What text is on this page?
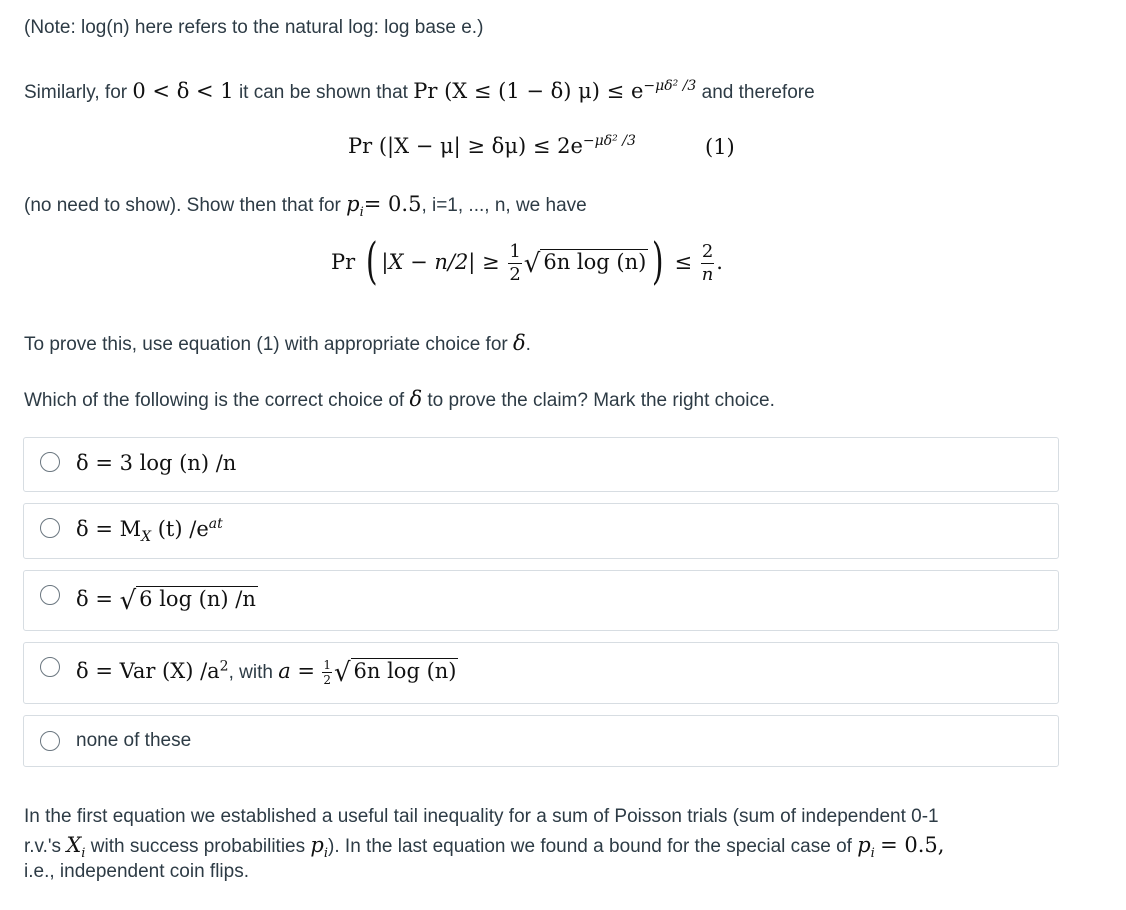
(Note: log(n) here refers to the natural log: log base e.)
Similarly, for 0 < δ < 1 it can be shown that Pr (X ≤ (1 − δ) $\mu) \le e^{-\mu\delta^2 /3}$ and therefore
Pr $(|X - \mu| \ge \delta\mu) \le 2e^{-\mu\delta^2 /3}$	(1)
(no need to show). Show then that for $p_i= 0.5$, i=1, ..., n, we have
Pr ( $|X - n/2| \ge \frac{1}{2}$ √ 6n log (n) ) ≤ $\frac{2}{n}$ .
To prove this, use equation (1) with appropriate choice for δ.
Which of the following is the correct choice of δ to prove the claim? Mark the right choice.
δ = 3 log (n) /n
$\delta = M_X$ (t) $/e^{at}$
δ = √ 6 log (n) /n
δ = Var (X) $/a^2$, with $a = \frac{1}{2}$ √ 6n log (n)
none of these
In the first equation we established a useful tail inequality for a sum of Poisson trials (sum of independent 0-1
r.v.'s $X_i$ with success probabilities $p_i$). In the last equation we found a bound for the special case of $p_i = 0.5$,
i.e., independent coin flips.
